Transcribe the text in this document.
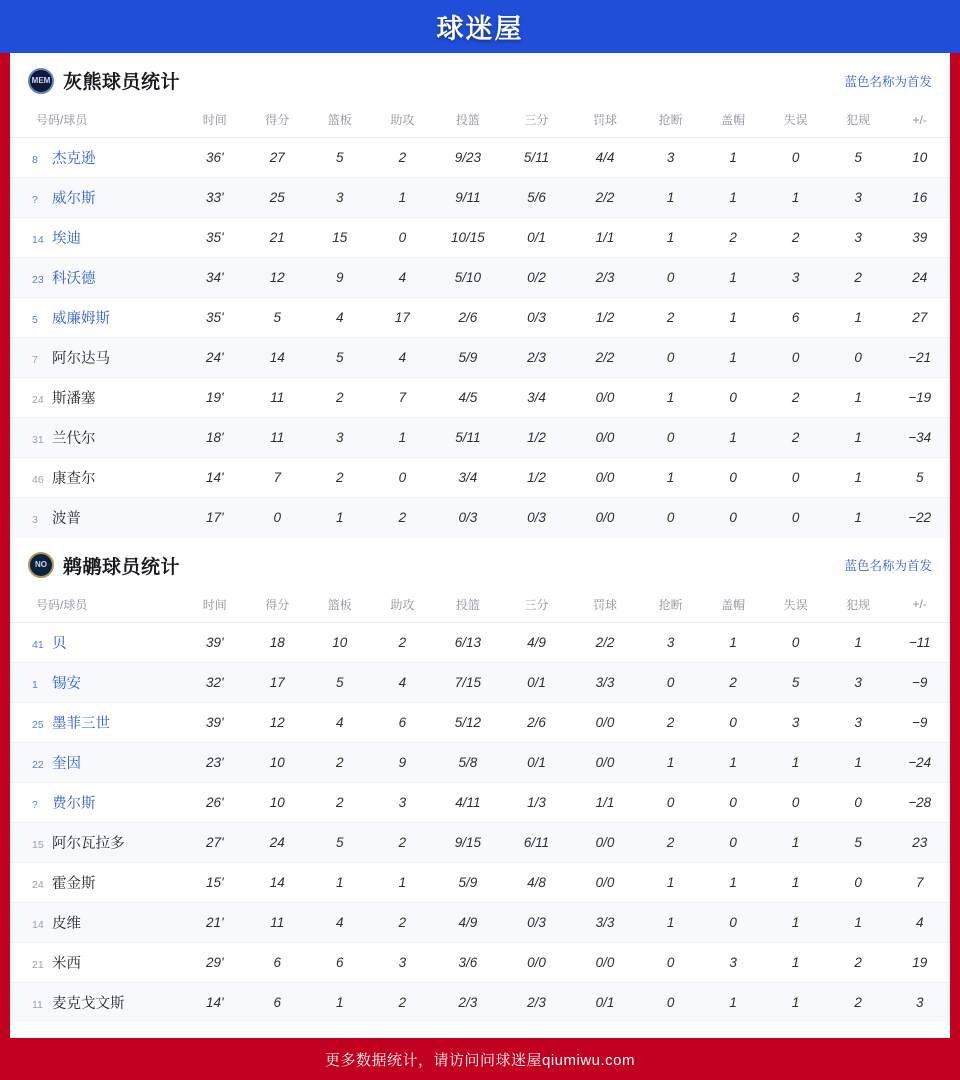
球迷屋
MEM 灰熊球员统计	蓝色名称为首发
号码/球员	时间	得分	篮板	助攻	投篮	三分	罚球	抢断	盖帽	失误	犯规	+/-
8 杰克逊	36'	27	5	2	9/23	5/11	4/4	3	1	0	5	10
? 威尔斯	33'	25	3	1	9/11	5/6	2/2	1	1	1	3	16
14 埃迪	35'	21	15	0	10/15	0/1	1/1	1	2	2	3	39
23 科沃德	34'	12	9	4	5/10	0/2	2/3	0	1	3	2	24
5 威廉姆斯	35'	5	4	17	2/6	0/3	1/2	2	1	6	1	27
7 阿尔达马	24'	14	5	4	5/9	2/3	2/2	0	1	0	0	−21
24 斯潘塞	19'	11	2	7	4/5	3/4	0/0	1	0	2	1	−19
31 兰代尔	18'	11	3	1	5/11	1/2	0/0	0	1	2	1	−34
46 康查尔	14'	7	2	0	3/4	1/2	0/0	1	0	0	1	5
3 波普	17'	0	1	2	0/3	0/3	0/0	0	0	0	1	−22
NO 鹈鹕球员统计	蓝色名称为首发
号码/球员	时间	得分	篮板	助攻	投篮	三分	罚球	抢断	盖帽	失误	犯规	+/-
41 贝	39'	18	10	2	6/13	4/9	2/2	3	1	0	1	−11
1 锡安	32'	17	5	4	7/15	0/1	3/3	0	2	5	3	−9
25 墨菲三世	39'	12	4	6	5/12	2/6	0/0	2	0	3	3	−9
22 奎因	23'	10	2	9	5/8	0/1	0/0	1	1	1	1	−24
? 费尔斯	26'	10	2	3	4/11	1/3	1/1	0	0	0	0	−28
15 阿尔瓦拉多	27'	24	5	2	9/15	6/11	0/0	2	0	1	5	23
24 霍金斯	15'	14	1	1	5/9	4/8	0/0	1	1	1	0	7
14 皮维	21'	11	4	2	4/9	0/3	3/3	1	0	1	1	4
21 米西	29'	6	6	3	3/6	0/0	0/0	0	3	1	2	19
11 麦克戈文斯	14'	6	1	2	2/3	2/3	0/1	0	1	1	2	3
更多数据统计，请访问问球迷屋qiumiwu.com
